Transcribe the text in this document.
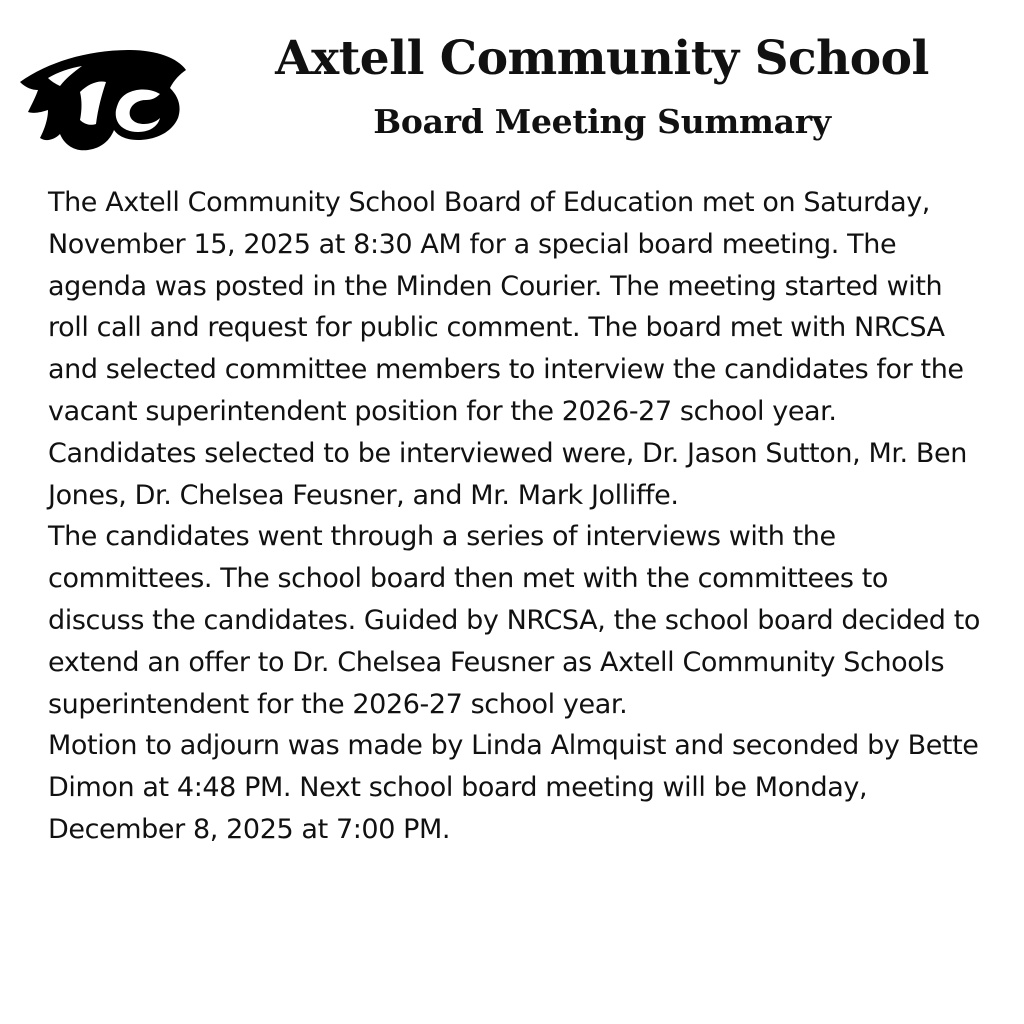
Axtell Community School
Board Meeting Summary

The Axtell Community School Board of Education met on Saturday, November 15, 2025 at 8:30 AM for a special board meeting. The agenda was posted in the Minden Courier. The meeting started with roll call and request for public comment. The board met with NRCSA and selected committee members to interview the candidates for the vacant superintendent position for the 2026-27 school year. Candidates selected to be interviewed were, Dr. Jason Sutton, Mr. Ben Jones, Dr. Chelsea Feusner, and Mr. Mark Jolliffe.

The candidates went through a series of interviews with the committees. The school board then met with the committees to discuss the candidates. Guided by NRCSA, the school board decided to extend an offer to Dr. Chelsea Feusner as Axtell Community Schools superintendent for the 2026-27 school year.

Motion to adjourn was made by Linda Almquist and seconded by Bette Dimon at 4:48 PM. Next school board meeting will be Monday, December 8, 2025 at 7:00 PM.
